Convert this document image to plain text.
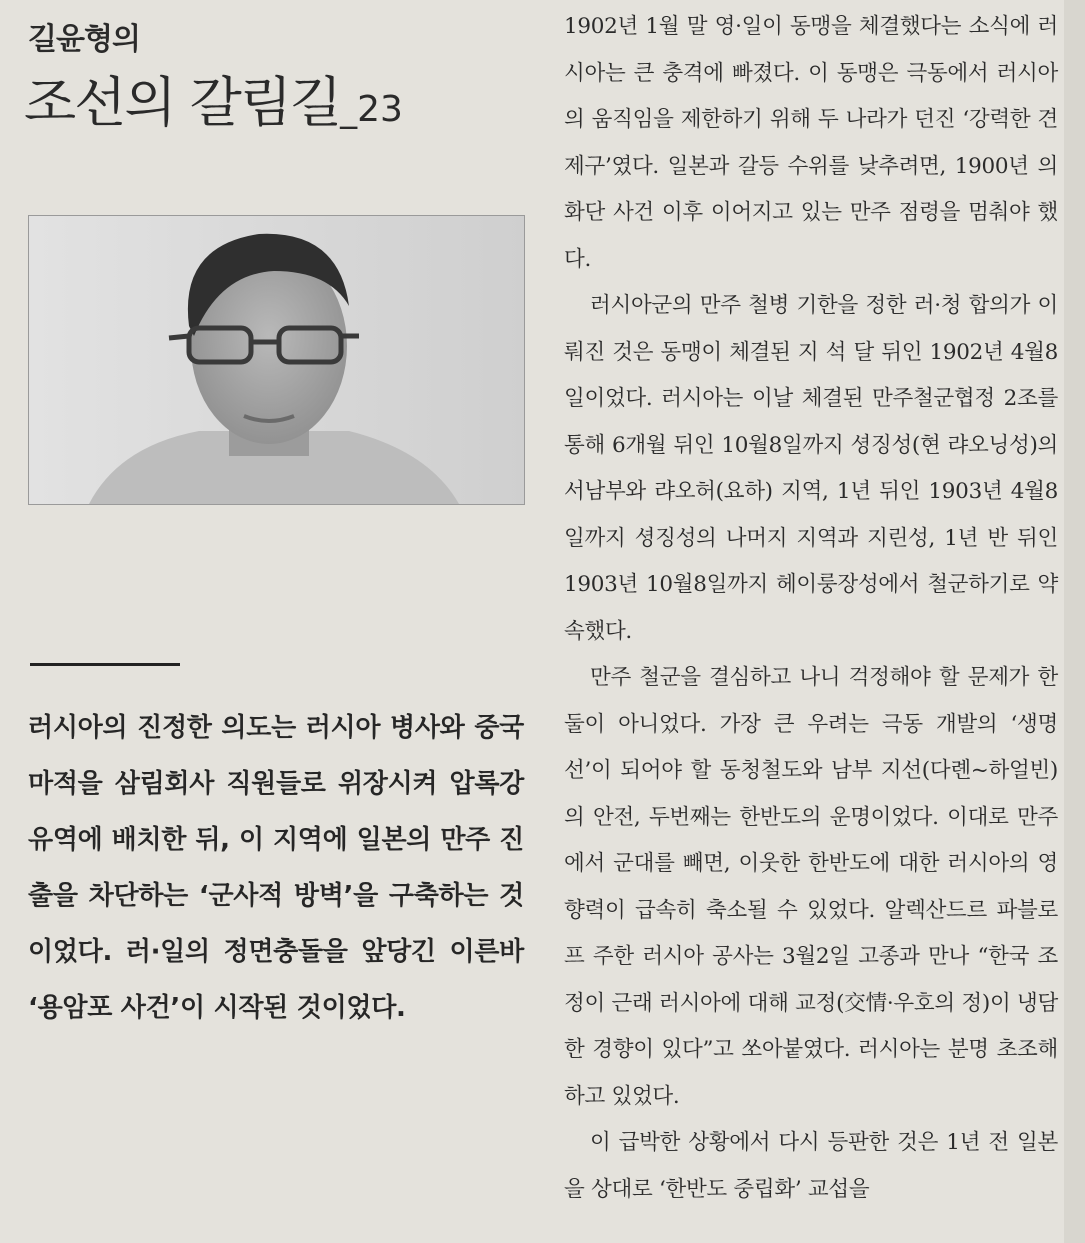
길윤형의
조선의 갈림길_23
러시아의 진정한 의도는 러시아 병사와 중국 마적을 삼림회사 직원들로 위장시켜 압록강 유역에 배치한 뒤, 이 지역에 일본의 만주 진출을 차단하는 ‘군사적 방벽’을 구축하는 것이었다. 러·일의 정면충돌을 앞당긴 이른바 ‘용암포 사건’이 시작된 것이었다.

1902년 1월 말 영·일이 동맹을 체결했다는 소식에 러시아는 큰 충격에 빠졌다. 이 동맹은 극동에서 러시아의 움직임을 제한하기 위해 두 나라가 던진 ‘강력한 견제구’였다. 일본과 갈등 수위를 낮추려면, 1900년 의화단 사건 이후 이어지고 있는 만주 점령을 멈춰야 했다.

러시아군의 만주 철병 기한을 정한 러·청 합의가 이뤄진 것은 동맹이 체결된 지 석 달 뒤인 1902년 4월8일이었다. 러시아는 이날 체결된 만주철군협정 2조를 통해 6개월 뒤인 10월8일까지 셩징성(현 랴오닝성)의 서남부와 랴오허(요하) 지역, 1년 뒤인 1903년 4월8일까지 셩징성의 나머지 지역과 지린성, 1년 반 뒤인 1903년 10월8일까지 헤이룽장성에서 철군하기로 약속했다.

만주 철군을 결심하고 나니 걱정해야 할 문제가 한둘이 아니었다. 가장 큰 우려는 극동 개발의 ‘생명선’이 되어야 할 동청철도와 남부 지선(다롄~하얼빈)의 안전, 두번째는 한반도의 운명이었다. 이대로 만주에서 군대를 빼면, 이웃한 한반도에 대한 러시아의 영향력이 급속히 축소될 수 있었다. 알렉산드르 파블로프 주한 러시아 공사는 3월2일 고종과 만나 “한국 조정이 근래 러시아에 대해 교정(交情·우호의 정)이 냉담한 경향이 있다”고 쏘아붙였다. 러시아는 분명 초조해하고 있었다.

이 급박한 상황에서 다시 등판한 것은 1년 전 일본을 상대로 ‘한반도 중립화’ 교섭을
